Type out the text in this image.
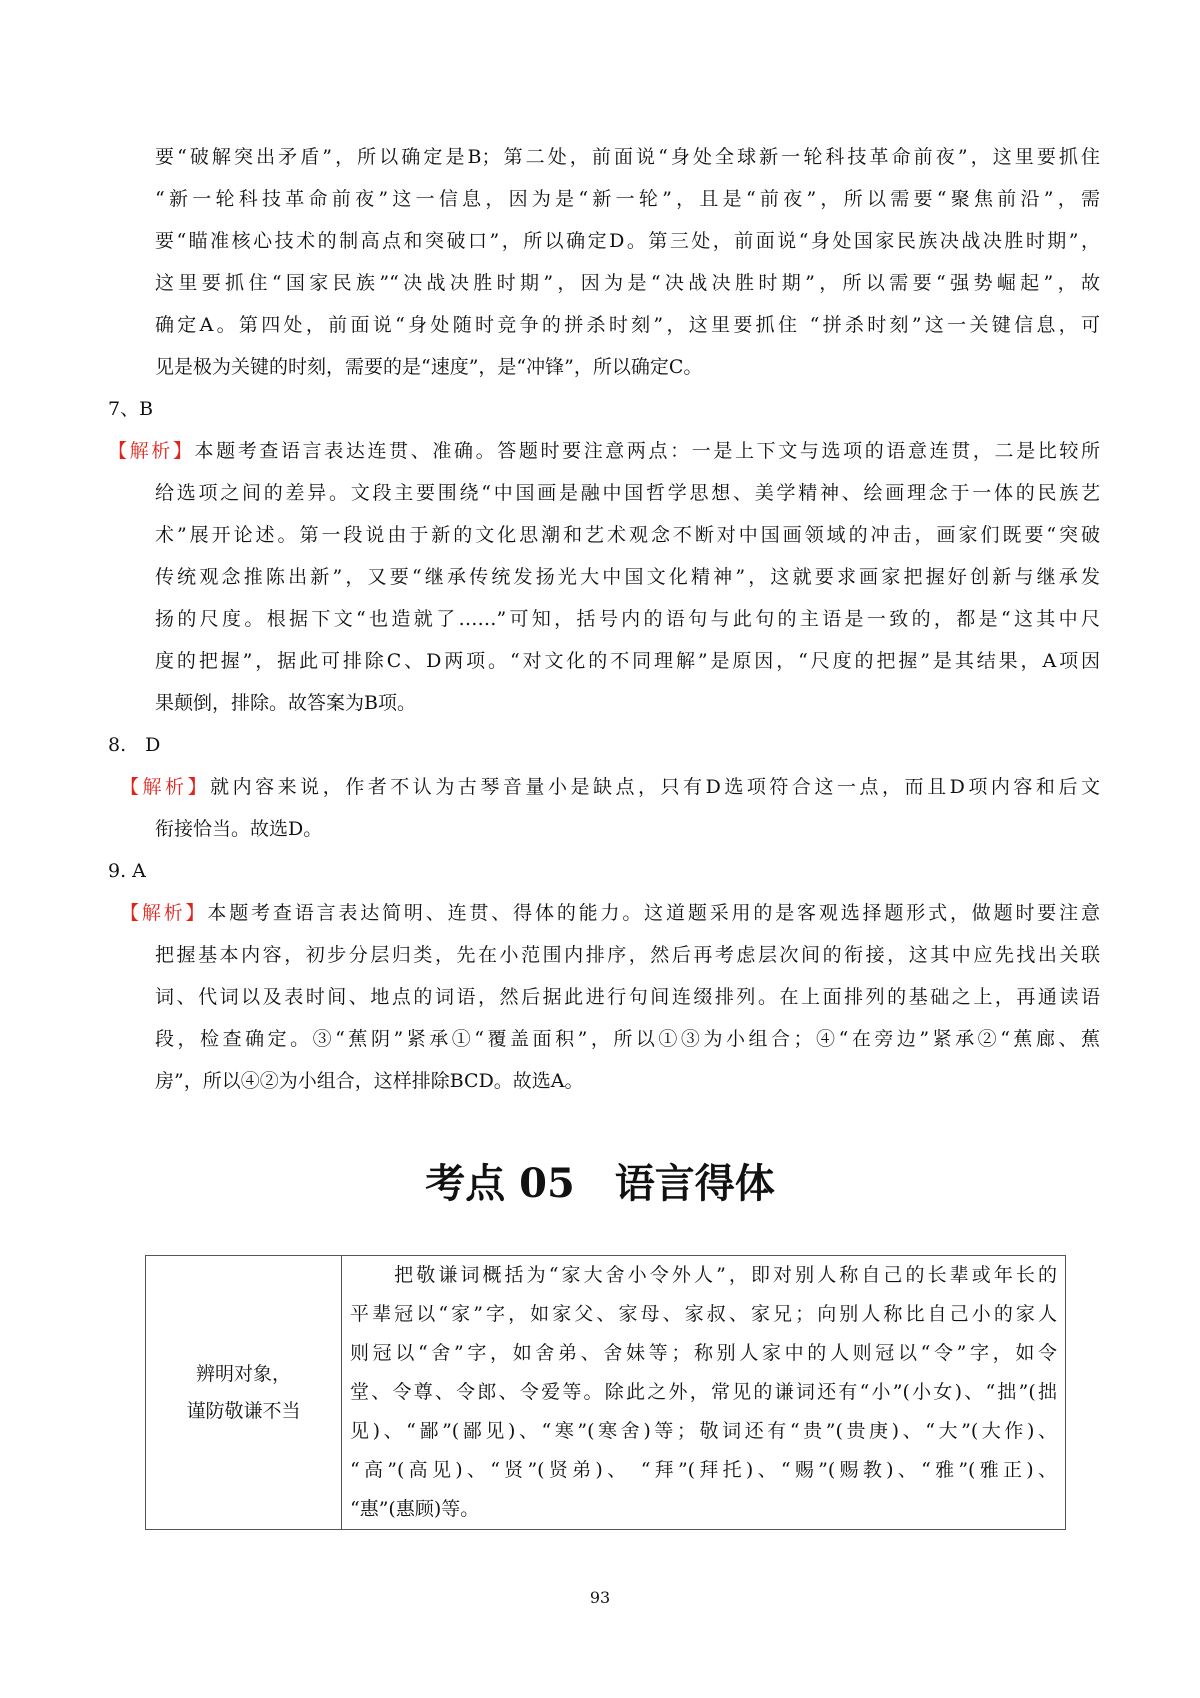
要“破解突出矛盾”，所以确定是B；第二处，前面说“身处全球新一轮科技革命前夜”，这里要抓住
“新一轮科技革命前夜”这一信息，因为是“新一轮”，且是“前夜”，所以需要“聚焦前沿”，需
要“瞄准核心技术的制高点和突破口”，所以确定D。第三处，前面说“身处国家民族决战决胜时期”，
这里要抓住“国家民族”“决战决胜时期”，因为是“决战决胜时期”，所以需要“强势崛起”，故
确定A。第四处，前面说“身处随时竞争的拼杀时刻”，这里要抓住 “拼杀时刻”这一关键信息，可
见是极为关键的时刻，需要的是“速度”，是“冲锋”，所以确定C。
7、B
【解析】本题考查语言表达连贯、准确。答题时要注意两点：一是上下文与选项的语意连贯，二是比较所
给选项之间的差异。文段主要围绕“中国画是融中国哲学思想、美学精神、绘画理念于一体的民族艺
术”展开论述。第一段说由于新的文化思潮和艺术观念不断对中国画领域的冲击，画家们既要“突破
传统观念推陈出新”，又要“继承传统发扬光大中国文化精神”，这就要求画家把握好创新与继承发
扬的尺度。根据下文“也造就了……”可知，括号内的语句与此句的主语是一致的，都是“这其中尺
度的把握”，据此可排除C、D两项。“对文化的不同理解”是原因，“尺度的把握”是其结果，A项因
果颠倒，排除。故答案为B项。
8.　D
【解析】就内容来说，作者不认为古琴音量小是缺点，只有D选项符合这一点，而且D项内容和后文
衔接恰当。故选D。
9. A
【解析】本题考查语言表达简明、连贯、得体的能力。这道题采用的是客观选择题形式，做题时要注意
把握基本内容，初步分层归类，先在小范围内排序，然后再考虑层次间的衔接，这其中应先找出关联
词、代词以及表时间、地点的词语，然后据此进行句间连缀排列。在上面排列的基础之上，再通读语
段，检查确定。③“蕉阴”紧承①“覆盖面积”，所以①③为小组合；④“在旁边”紧承②“蕉廊、蕉
房”，所以④②为小组合，这样排除BCD。故选A。
考点 05　语言得体
辨明对象，
谨防敬谦不当

　　把敬谦词概括为“家大舍小令外人”，即对别人称自己的长辈或年长的
平辈冠以“家”字，如家父、家母、家叔、家兄；向别人称比自己小的家人
则冠以“舍”字，如舍弟、舍妹等；称别人家中的人则冠以“令”字，如令
堂、令尊、令郎、令爱等。除此之外，常见的谦词还有“小”(小女)、“拙”(拙
见)、“鄙”(鄙见)、“寒”(寒舍)等；敬词还有“贵”(贵庚)、“大”(大作)、
“高”(高见)、“贤”(贤弟)、 “拜”(拜托)、“赐”(赐教)、“雅”(雅正)、
“惠”(惠顾)等。
93
